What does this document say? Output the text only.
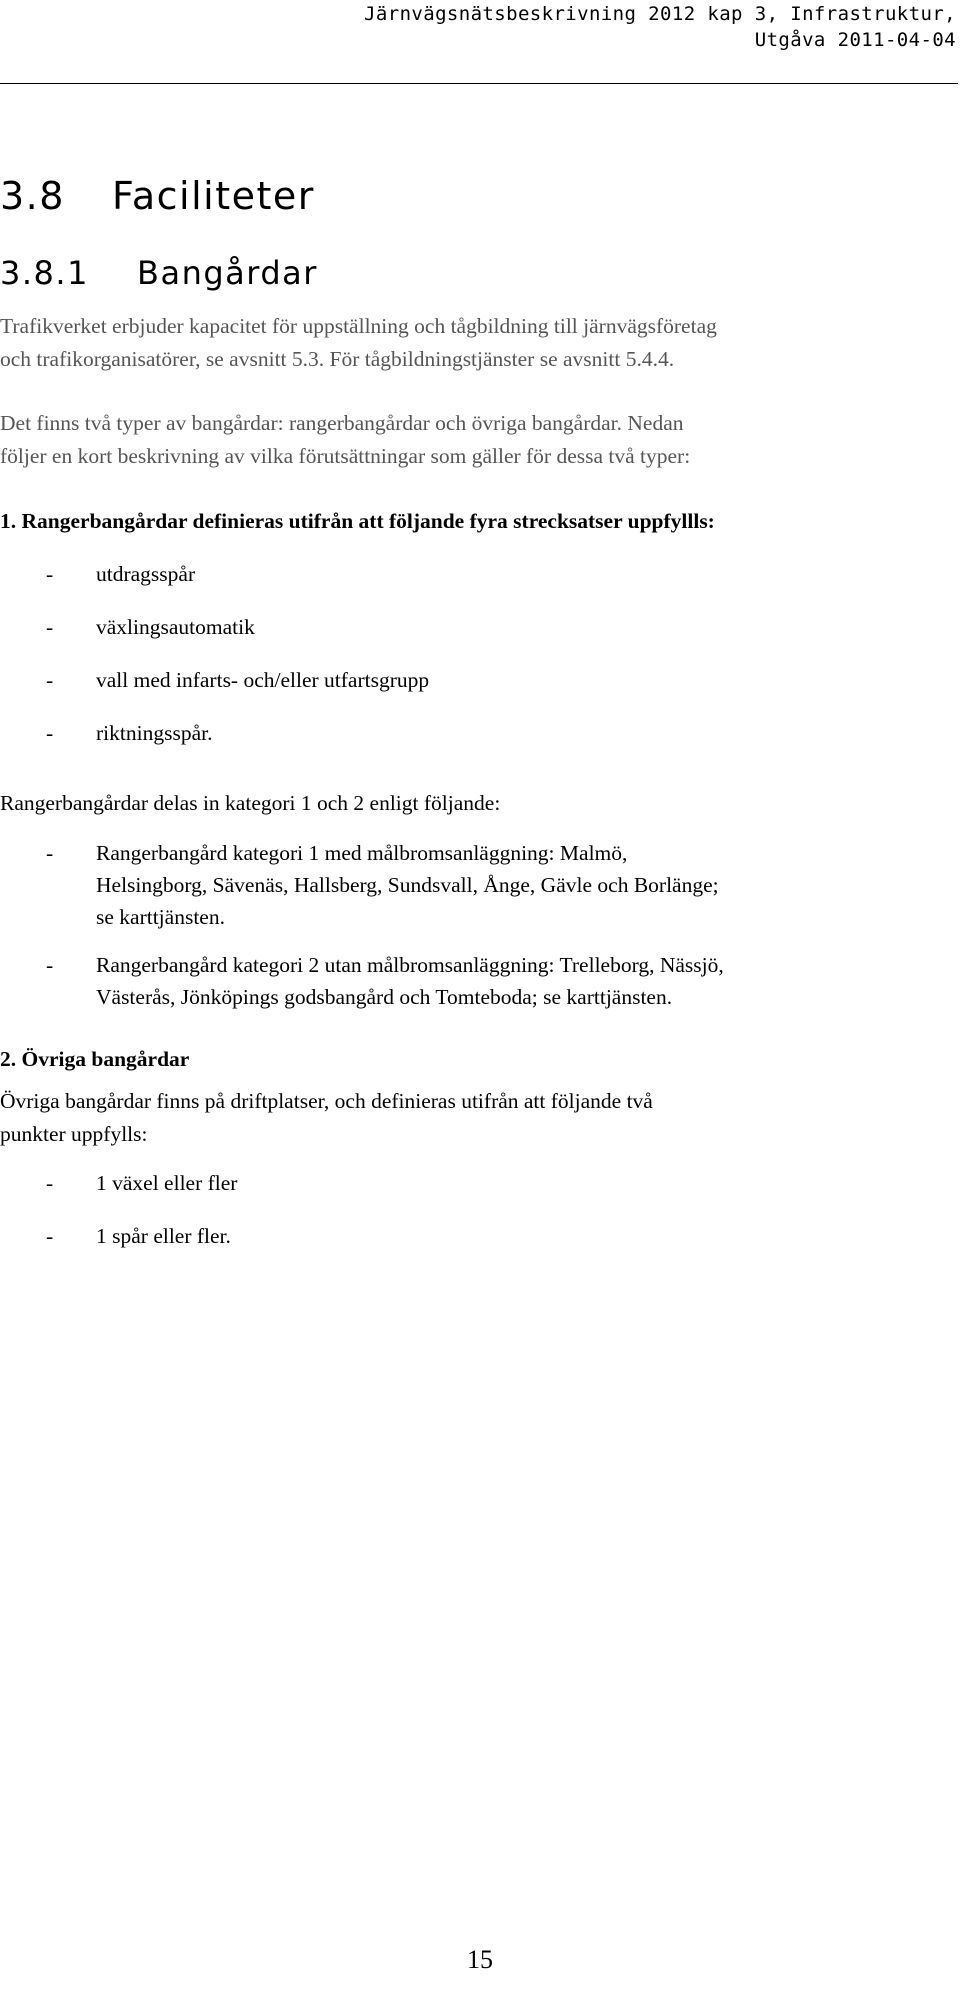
Järnvägsnätsbeskrivning 2012 kap 3, Infrastruktur,
Utgåva 2011-04-04
3.8 Faciliteter
3.8.1 Bangårdar
Trafikverket erbjuder kapacitet för uppställning och tågbildning till järnvägsföretag
och trafikorganisatörer, se avsnitt 5.3. För tågbildningstjänster se avsnitt 5.4.4.
Det finns två typer av bangårdar: rangerbangårdar och övriga bangårdar. Nedan
följer en kort beskrivning av vilka förutsättningar som gäller för dessa två typer:
1. Rangerbangårdar definieras utifrån att följande fyra strecksatser uppfyllls:
- utdragsspår
- växlingsautomatik
- vall med infarts- och/eller utfartsgrupp
- riktningsspår.
Rangerbangårdar delas in kategori 1 och 2 enligt följande:
- Rangerbangård kategori 1 med målbromsanläggning: Malmö,
Helsingborg, Sävenäs, Hallsberg, Sundsvall, Ånge, Gävle och Borlänge;
se karttjänsten.
- Rangerbangård kategori 2 utan målbromsanläggning: Trelleborg, Nässjö,
Västerås, Jönköpings godsbangård och Tomteboda; se karttjänsten.
2. Övriga bangårdar
Övriga bangårdar finns på driftplatser, och definieras utifrån att följande två
punkter uppfylls:
- 1 växel eller fler
- 1 spår eller fler.
15
